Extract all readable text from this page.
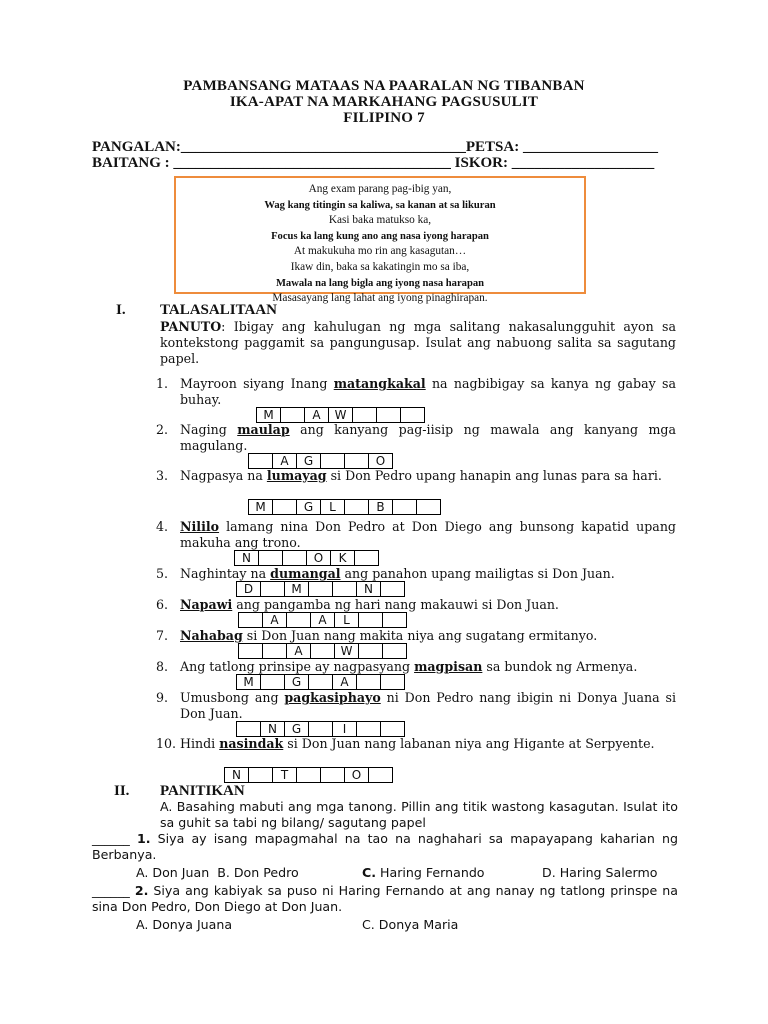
PAMBANSANG MATAAS NA PAARALAN NG TIBANBAN
IKA-APAT NA MARKAHANG PAGSUSULIT
FILIPINO 7
PANGALAN:______________________________________PETSA: __________________
BAITANG : _____________________________________ ISKOR: ___________________
Ang exam parang pag-ibig yan,
Wag kang titingin sa kaliwa, sa kanan at sa likuran
Kasi baka matukso ka,
Focus ka lang kung ano ang nasa iyong harapan
At makukuha mo rin ang kasagutan…
Ikaw din, baka sa kakatingin mo sa iba,
Mawala na lang bigla ang iyong nasa harapan
Masasayang lang lahat ang iyong pinaghirapan.
I. TALASALITAAN
PANUTO: Ibigay ang kahulugan ng mga salitang nakasalungguhit ayon sa kontekstong paggamit sa pangungusap. Isulat ang nabuong salita sa sagutang papel.
1. Mayroon siyang Inang matangkakal na nagbibigay sa kanya ng gabay sa buhay.
M	A	W
2. Naging maulap ang kanyang pag-iisip ng mawala ang kanyang mga magulang.
A	G	O
3. Nagpasya na lumayag si Don Pedro upang hanapin ang lunas para sa hari.
M	G	L	B
4. Nililo lamang nina Don Pedro at Don Diego ang bunsong kapatid upang makuha ang trono.
N	O	K
5. Naghintay na dumangal ang panahon upang mailigtas si Don Juan.
D	M	N
6. Napawi ang pangamba ng hari nang makauwi si Don Juan.
A	A	L
7. Nahabag si Don Juan nang makita niya ang sugatang ermitanyo.
A	W
8. Ang tatlong prinsipe ay nagpasyang magpisan sa bundok ng Armenya.
M	G	A
9. Umusbong ang pagkasiphayo ni Don Pedro nang ibigin ni Donya Juana si Don Juan.
N	G	I
10. Hindi nasindak si Don Juan nang labanan niya ang Higante at Serpyente.
N	T	O
II. PANITIKAN
A. Basahing mabuti ang mga tanong. Pillin ang titik wastong kasagutan. Isulat ito sa guhit sa tabi ng bilang/ sagutang papel
______ 1. Siya ay isang mapagmahal na tao na naghahari sa mapayapang kaharian ng Berbanya.
A. Don Juan  B. Don Pedro	C. Haring Fernando	D. Haring Salermo
______ 2. Siya ang kabiyak sa puso ni Haring Fernando at ang nanay ng tatlong prinspe na sina Don Pedro, Don Diego at Don Juan.
A. Donya Juana	C. Donya Maria
